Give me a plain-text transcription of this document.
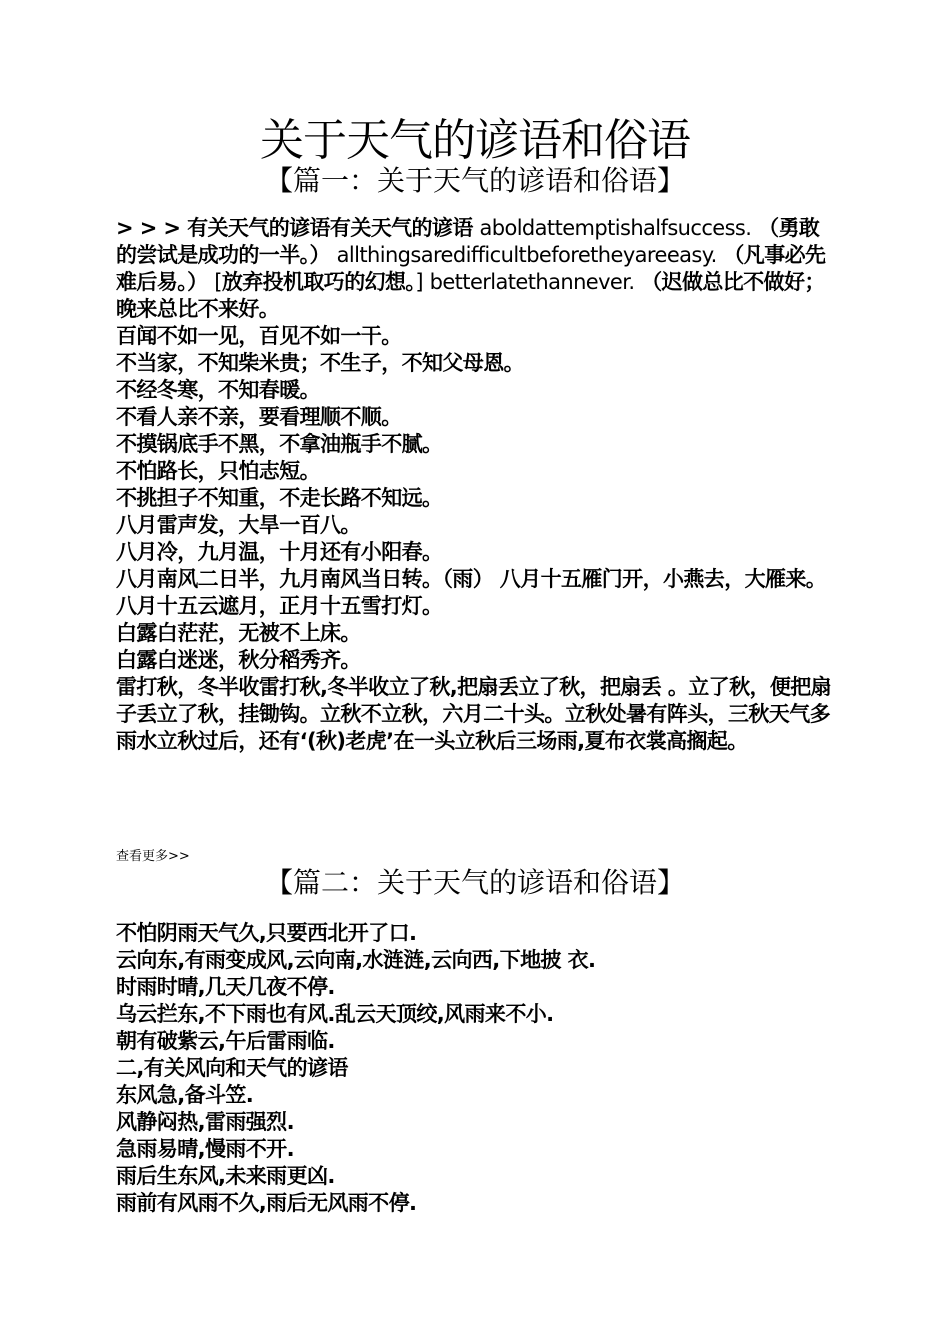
关于天气的谚语和俗语
【篇一：关于天气的谚语和俗语】
> > > 有关天气的谚语有关天气的谚语 aboldattemptishalfsuccess. （勇敢的尝试是成功的一半。） allthingsaredifficultbeforetheyareeasy. （凡事必先难后易。） [放弃投机取巧的幻想。] betterlatethannever. （迟做总比不做好；晚来总比不来好。
百闻不如一见，百见不如一干。
不当家，不知柴米贵；不生子，不知父母恩。
不经冬寒，不知春暖。
不看人亲不亲，要看理顺不顺。
不摸锅底手不黑，不拿油瓶手不腻。
不怕路长，只怕志短。
不挑担子不知重，不走长路不知远。
八月雷声发，大旱一百八。
八月冷，九月温，十月还有小阳春。
八月南风二日半，九月南风当日转。（雨） 八月十五雁门开，小燕去，大雁来。
八月十五云遮月，正月十五雪打灯。
白露白茫茫，无被不上床。
白露白迷迷，秋分稻秀齐。
雷打秋，冬半收雷打秋,冬半收立了秋,把扇丢立了秋，把扇丢 。立了秋，便把扇子丢立了秋，挂锄钩。立秋不立秋，六月二十头。立秋处暑有阵头，三秋天气多雨水立秋过后，还有‘(秋)老虎’在一头立秋后三场雨,夏布衣裳高搁起。
查看更多>>
【篇二：关于天气的谚语和俗语】
不怕阴雨天气久,只要西北开了口.
云向东,有雨变成风,云向南,水涟涟,云向西,下地披 衣.
时雨时晴,几天几夜不停.
乌云拦东,不下雨也有风.乱云天顶绞,风雨来不小.
朝有破紫云,午后雷雨临.
二,有关风向和天气的谚语
东风急,备斗笠.
风静闷热,雷雨强烈.
急雨易晴,慢雨不开.
雨后生东风,未来雨更凶.
雨前有风雨不久,雨后无风雨不停.
